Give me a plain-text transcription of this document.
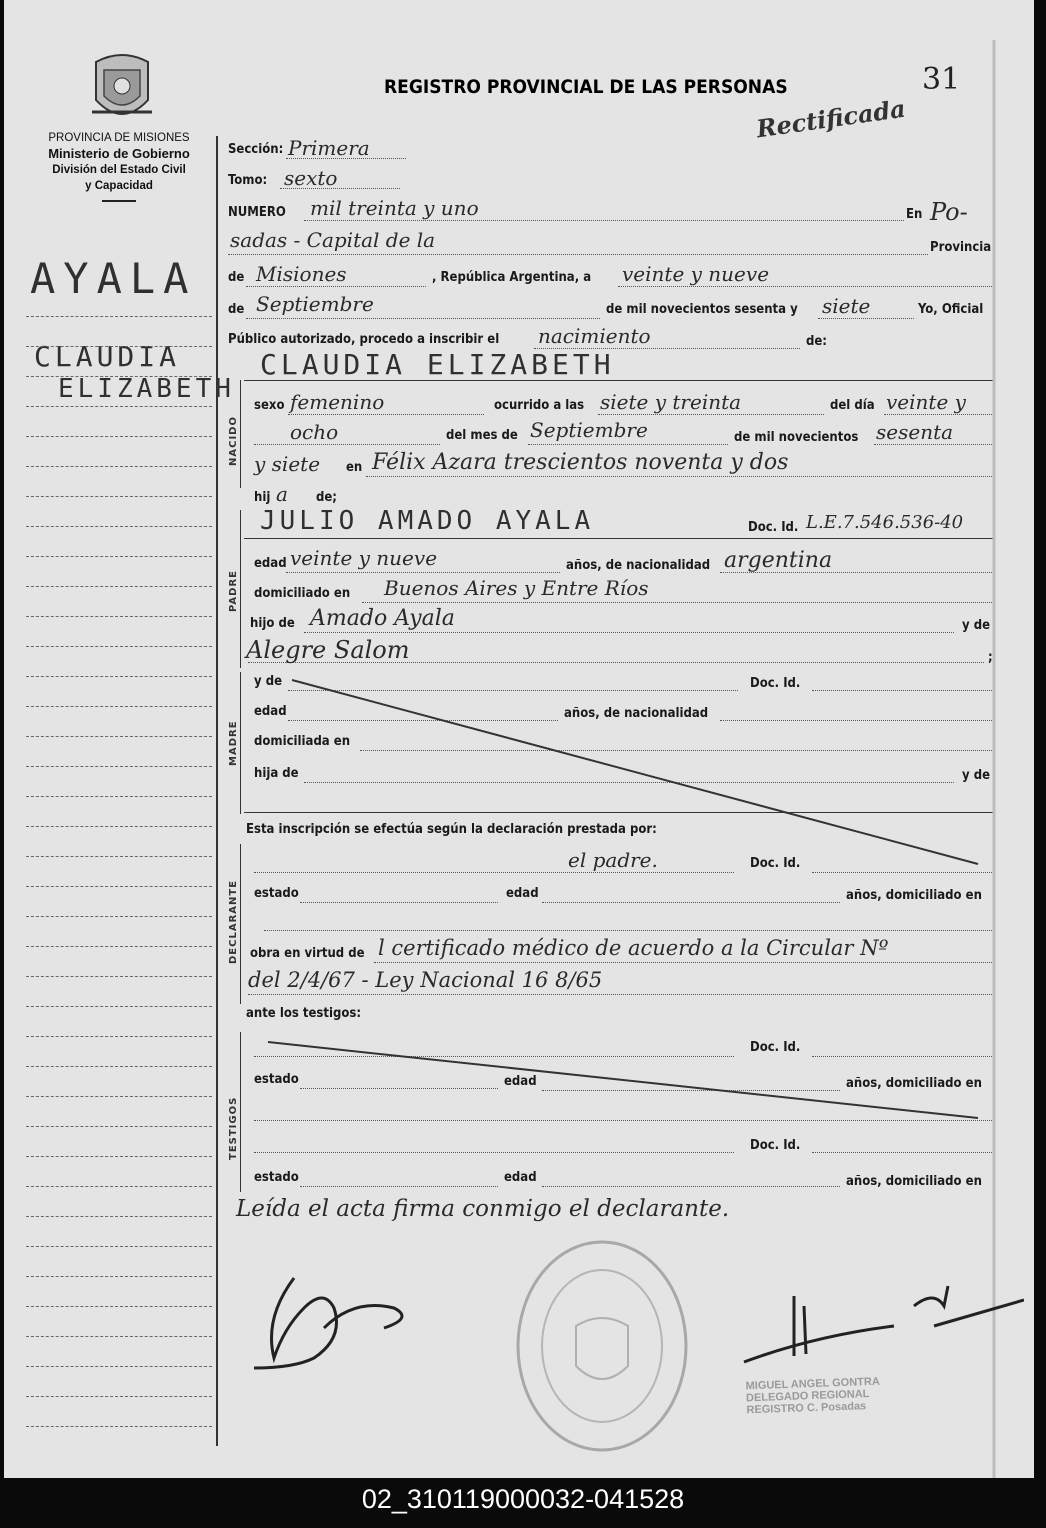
PROVINCIA DE MISIONES
Ministerio de Gobierno
División del Estado Civil
y Capacidad
REGISTRO PROVINCIAL DE LAS PERSONAS	31
Rectificada
AYALA
CLAUDIA
ELIZABETH
NACIDO
PADRE
MADRE
DECLARANTE
TESTIGOS
Sección: Primera
Tomo: sexto
NUMERO mil treinta y uno	En Po-
sadas - Capital de la	Provincia
de Misiones	, República Argentina, a veinte y nueve
de Septiembre	de mil novecientos sesenta y siete	Yo, Oficial
Público autorizado, procedo a inscribir el nacimiento	de:
CLAUDIA ELIZABETH
sexo femenino	ocurrido a las siete y treinta	del día veinte y
ocho	del mes de Septiembre	de mil novecientos sesenta
y siete en Félix Azara trescientos noventa y dos
hij a de;
JULIO AMADO AYALA	Doc. Id. L.E.7.546.536-40
edad veinte y nueve	años, de nacionalidad argentina
domiciliado en Buenos Aires y Entre Ríos
hijo de Amado Ayala	y de
Alegre Salom	;
y de	Doc. Id.
edad	años, de nacionalidad
domiciliada en
hija de	y de
Esta inscripción se efectúa según la declaración prestada por:
el padre.	Doc. Id.
estado	edad	años, domiciliado en
obra en virtud de l certificado médico de acuerdo a la Circular Nº
del 2/4/67 - Ley Nacional 16 8/65
ante los testigos:
Doc. Id.
estado	edad	años, domiciliado en
Doc. Id.
estado	edad	años, domiciliado en
Leída el acta firma conmigo el declarante.
MIGUEL ANGEL GONTRA
DELEGADO REGIONAL
REGISTRO C. Posadas
02_310119000032-041528
